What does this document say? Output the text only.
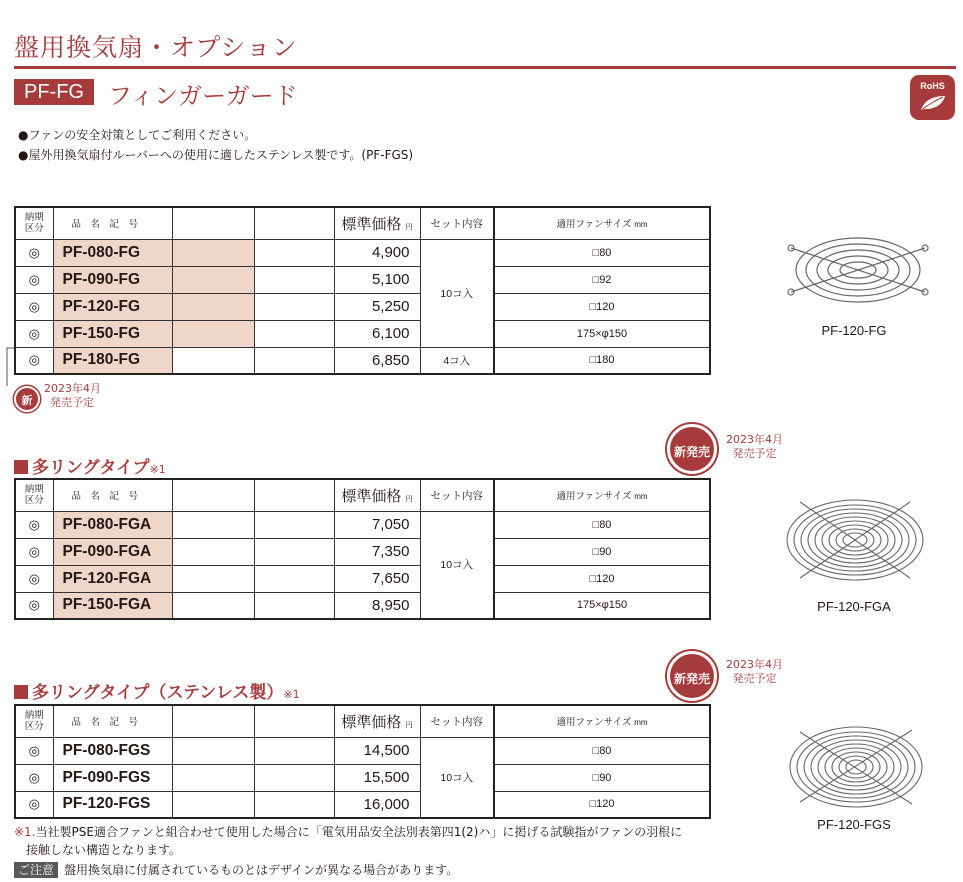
盤用換気扇・オプション
PF-FG	フィンガーガード	RoHS
●ファンの安全対策としてご利用ください。
●屋外用換気扇付ルーバーへの使用に適したステンレス製です。(PF-FGS)
納期
区分	品　名　記　号			標準価格 円	セット内容	適用ファンサイズ mm
◎	PF-080-FG			4,900	10コ入	□80
◎	PF-090-FG			5,100		□92
◎	PF-120-FG			5,250		□120
◎	PF-150-FG			6,100		175×φ150
◎	PF-180-FG			6,850	4コ入	□180
新
2023年4月
発売予定
PF-120-FG
多リングタイプ※1
新発売
2023年4月
発売予定
納期
区分	品　名　記　号			標準価格 円	セット内容	適用ファンサイズ mm
◎	PF-080-FGA			7,050	10コ入	□80
◎	PF-090-FGA			7,350		□90
◎	PF-120-FGA			7,650		□120
◎	PF-150-FGA			8,950		175×φ150	PF-120-FGA
多リングタイプ（ステンレス製）※1
新発売
2023年4月
発売予定
納期
区分	品　名　記　号			標準価格 円	セット内容	適用ファンサイズ mm
◎	PF-080-FGS			14,500	10コ入	□80
◎	PF-090-FGS			15,500		□90
◎	PF-120-FGS			16,000		□120
PF-120-FGS
※1.当社製PSE適合ファンと組合わせて使用した場合に「電気用品安全法別表第四1(2)ハ」に掲げる試験指がファンの羽根に
接触しない構造となります。
ご注意 盤用換気扇に付属されているものとはデザインが異なる場合があります。
